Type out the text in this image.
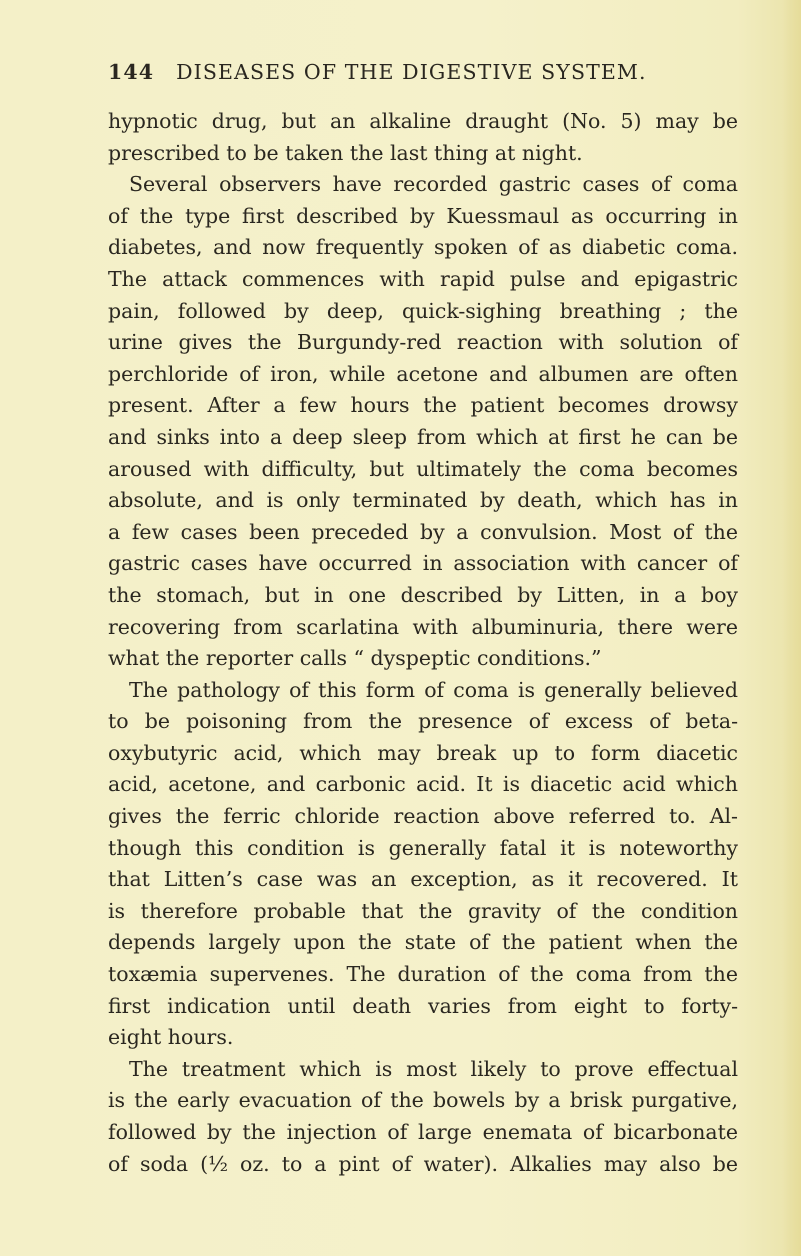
144 DISEASES OF THE DIGESTIVE SYSTEM.
hypnotic drug, but an alkaline draught (No. 5) may be
prescribed to be taken the last thing at night.
Several observers have recorded gastric cases of coma
of the type first described by Kuessmaul as occurring in
diabetes, and now frequently spoken of as diabetic coma.
The attack commences with rapid pulse and epigastric
pain, followed by deep, quick-sighing breathing ; the
urine gives the Burgundy-red reaction with solution of
perchloride of iron, while acetone and albumen are often
present. After a few hours the patient becomes drowsy
and sinks into a deep sleep from which at first he can be
aroused with difficulty, but ultimately the coma becomes
absolute, and is only terminated by death, which has in
a few cases been preceded by a convulsion. Most of the
gastric cases have occurred in association with cancer of
the stomach, but in one described by Litten, in a boy
recovering from scarlatina with albuminuria, there were
what the reporter calls “ dyspeptic conditions.”
The pathology of this form of coma is generally believed
to be poisoning from the presence of excess of beta-
oxybutyric acid, which may break up to form diacetic
acid, acetone, and carbonic acid. It is diacetic acid which
gives the ferric chloride reaction above referred to. Al-
though this condition is generally fatal it is noteworthy
that Litten’s case was an exception, as it recovered. It
is therefore probable that the gravity of the condition
depends largely upon the state of the patient when the
toxæmia supervenes. The duration of the coma from the
first indication until death varies from eight to forty-
eight hours.
The treatment which is most likely to prove effectual
is the early evacuation of the bowels by a brisk purgative,
followed by the injection of large enemata of bicarbonate
of soda (½ oz. to a pint of water). Alkalies may also be
